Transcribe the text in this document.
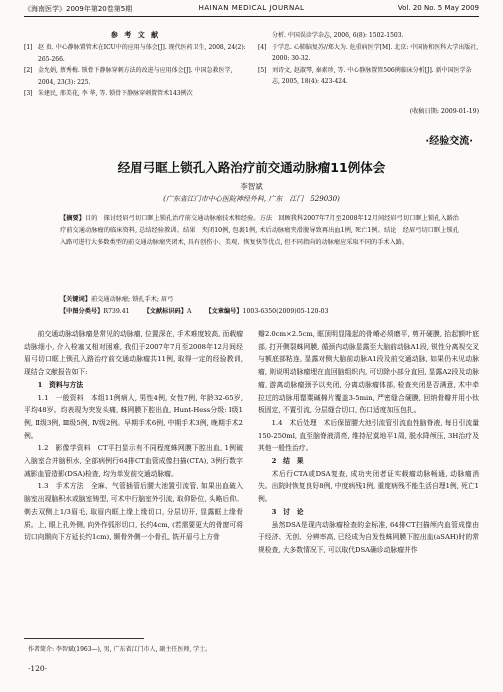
《海南医学》2009年第20卷第5期	HAINAN MEDICAL JOURNAL	Vol. 20 No. 5 May 2009
参 考 文 献
[1] 赵 贵. 中心静脉置管术在ICU中的应用与体会[J]. 现代医药卫生, 2008, 24(2): 265-266.
[2] 金允娟, 蔡秀梅. 锁骨下静脉穿刺方法的改进与应用体会[J]. 中国急救医学, 2004, 23(3): 225.
[3] 朱建民, 邢美花, 李 华, 等. 锁骨下静脉穿刺置管术143例次
分析. 中国误诊学杂志, 2006, 6(8): 1502-1503.
[4] 于学忠. 心肺脑复苏//郑大为. 危重病医学[M]. 北京: 中国协和医科大学出版社, 2000: 30-32.
[5] 刘诗文, 赵淑琴, 秦素珍, 等. 中心静脉置管506例临床分析[J]. 新中国医学杂志, 2005, 18(4): 423-424.
(收稿日期: 2009-01-19)
·经验交流·
经眉弓眶上锁孔入路治疗前交通动脉瘤11例体会
李智斌
(广东省江门市中心医院神经外科, 广东　江门　529030)
【摘要】目的　探讨经眉弓切口眶上锁孔治疗前交通动脉瘤技术和经验。方法　回顾我科2007年7月至2008年12月间经眉弓切口眶上锁孔入路治疗前交通动脉瘤的临床资料, 总结经验教训。结果　夹闭10例, 包裹1例, 术后动脉瘤夹滑脱导致再出血1例, 死亡1例。结论　经眉弓切口眶上锁孔入路可进行大多数类型的前交通动脉瘤夹闭术, 具有创伤小、美观、恢复快等优点, 但不同指向的动脉瘤应采取不同的手术入路。
【关键词】前交通动脉瘤; 锁孔手术; 眉弓
【中图分类号】R739.41 【文献标识码】A 【文章编号】1003-6350(2009)05-120-03

前交通动脉动脉瘤是常见的动脉瘤, 位置深在, 手术难度较高, 而载瘤动脉细小, 介入栓塞又相对困难, 我们于2007年7月至2008年12月间经眉弓切口眶上锁孔入路治疗前交通动脉瘤共11例, 取得一定的经验教训, 现结合文献报告如下:

1　资料与方法

1.1　一般资料　本组11例病人, 男性4例, 女性7例, 年龄32-65岁, 平均48岁。均表现为突发头痛, 蛛网膜下腔出血, Hunt-Hess分级: Ⅰ级1例, Ⅱ级3例, Ⅲ级5例, Ⅳ级2例。早期手术6例, 中期手术3例, 晚期手术2例。

1.2　影像学资料　CT平扫显示有不同程度蛛网膜下腔出血, 1例破入脑室合并脑积水, 全部病例行64排CT血管成像扫描(CTA), 3例行数字减影血管造影(DSA)检查, 均为单发前交通动脉瘤。

1.3　手术方法　全麻、气管插管后腰大池置引流管, 如果出血破入脑室出现脑积水或脑室铸型, 可术中行脑室外引流, 取仰卧位, 头略后仰。剃去双侧上1/3眉毛, 取眉内眶上缘上缘切口, 分层切开, 显露眶上缘骨质。上, 眼上孔外侧, 向外作弧形切口, 长约4cm, (若需要更大的骨窗可将切口向颞向下方延长约1cm), 颞骨外侧一小骨孔, 铣开眉弓上方骨

瓣2.0cm×2.5cm, 眶顶明显隆起的骨嵴必须磨平, 剪开硬膜, 抬起额叶底部, 打开侧裂蛛网膜, 循颈内动脉显露至大脑前动脉A1段, 锐性分离视交叉与额底部粘连, 显露对侧大脑前动脉A1段及前交通动脉, 如果仍未见动脉瘤, 则说明动脉瘤埋在直回脑组织内, 可切除小部分直回, 显露A2段及动脉瘤, 游离动脉瘤颈予以夹闭, 分离动脉瘤体部, 检查夹闭是否满意, 术中牵拉过的动脉用罂粟碱棉片覆盖3-5min, 严密缝合硬膜, 回纳骨瓣并用小钛板固定, 不置引流, 分层缝合切口, 伤口适度加压包扎。

1.4　术后处理　术后保留腰大池引流管引流血性脑脊液, 每日引流量150-250ml, 直至脑脊液清亮, 维持尼莫地平1周, 脱水降颅压, 3H治疗及其他一般性治疗。

2　结　果

术后行CTA或DSA复查, 成功夹闭者证实载瘤动脉畅通, 动脉瘤消失。出院时恢复良好8例, 中度病残1例, 重度病残不能生活自理1例, 死亡1例。

3　讨　论

虽然DSA是现内动脉瘤检查的金标准, 64排CT扫描颅内血管成像由于经济、无创、分辨率高, 已经成为自发性蛛网膜下腔出血(aSAH)时的常规检查, 大多数情况下, 可以取代DSA确诊动脉瘤并作

作者简介: 李智斌(1963—), 男, 广东省江门市人, 副主任医师, 学士。
·120·
